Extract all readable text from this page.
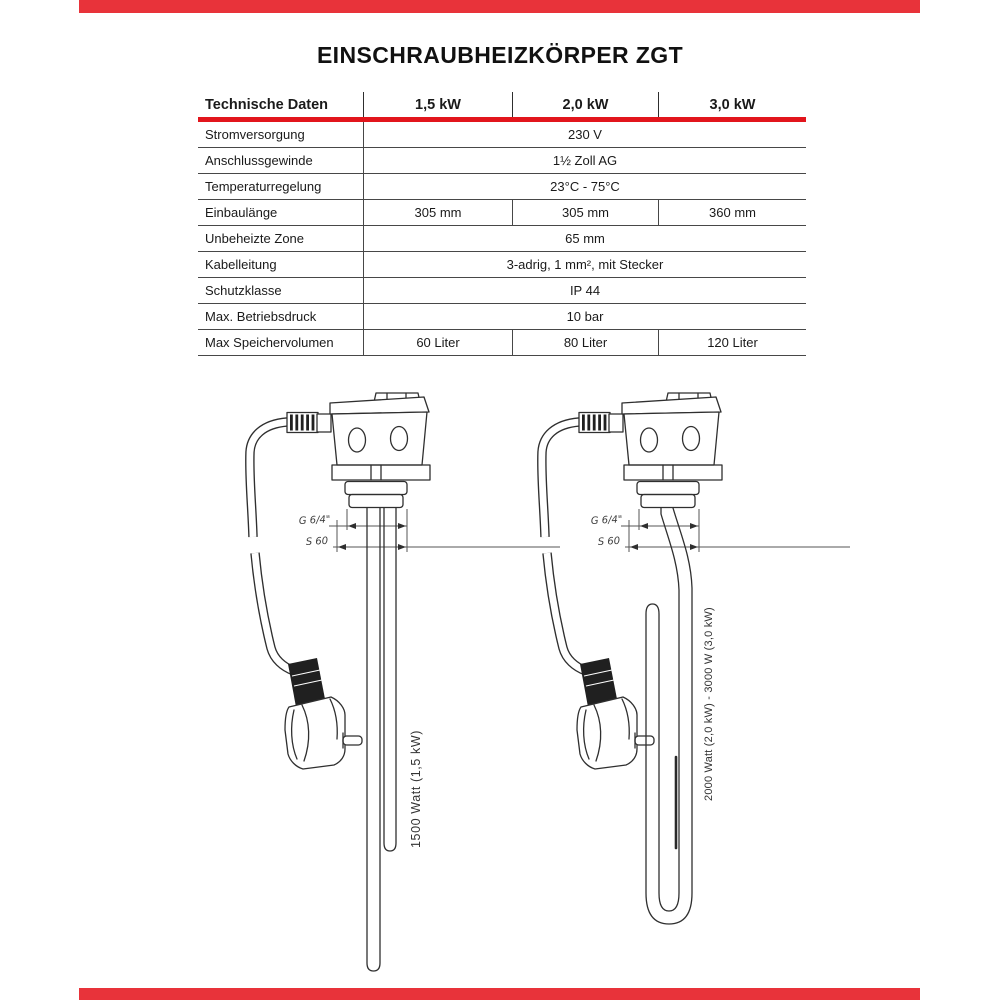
EINSCHRAUBHEIZKÖRPER ZGT
Technische Daten	1,5 kW	2,0 kW	3,0 kW
Stromversorgung	230 V
Anschlussgewinde	1½ Zoll AG
Temperaturregelung	23°C - 75°C
Einbaulänge	305 mm	305 mm	360 mm
Unbeheizte Zone	65 mm
Kabelleitung	3-adrig, 1 mm², mit Stecker
Schutzklasse	IP 44
Max. Betriebsdruck	10 bar
Max Speichervolumen	60 Liter	80 Liter	120 Liter
G 6/4"
S 60
1500 Watt (1,5 kW)
G 6/4"
S 60
2000 Watt (2,0 kW) - 3000 W (3,0 kW)
